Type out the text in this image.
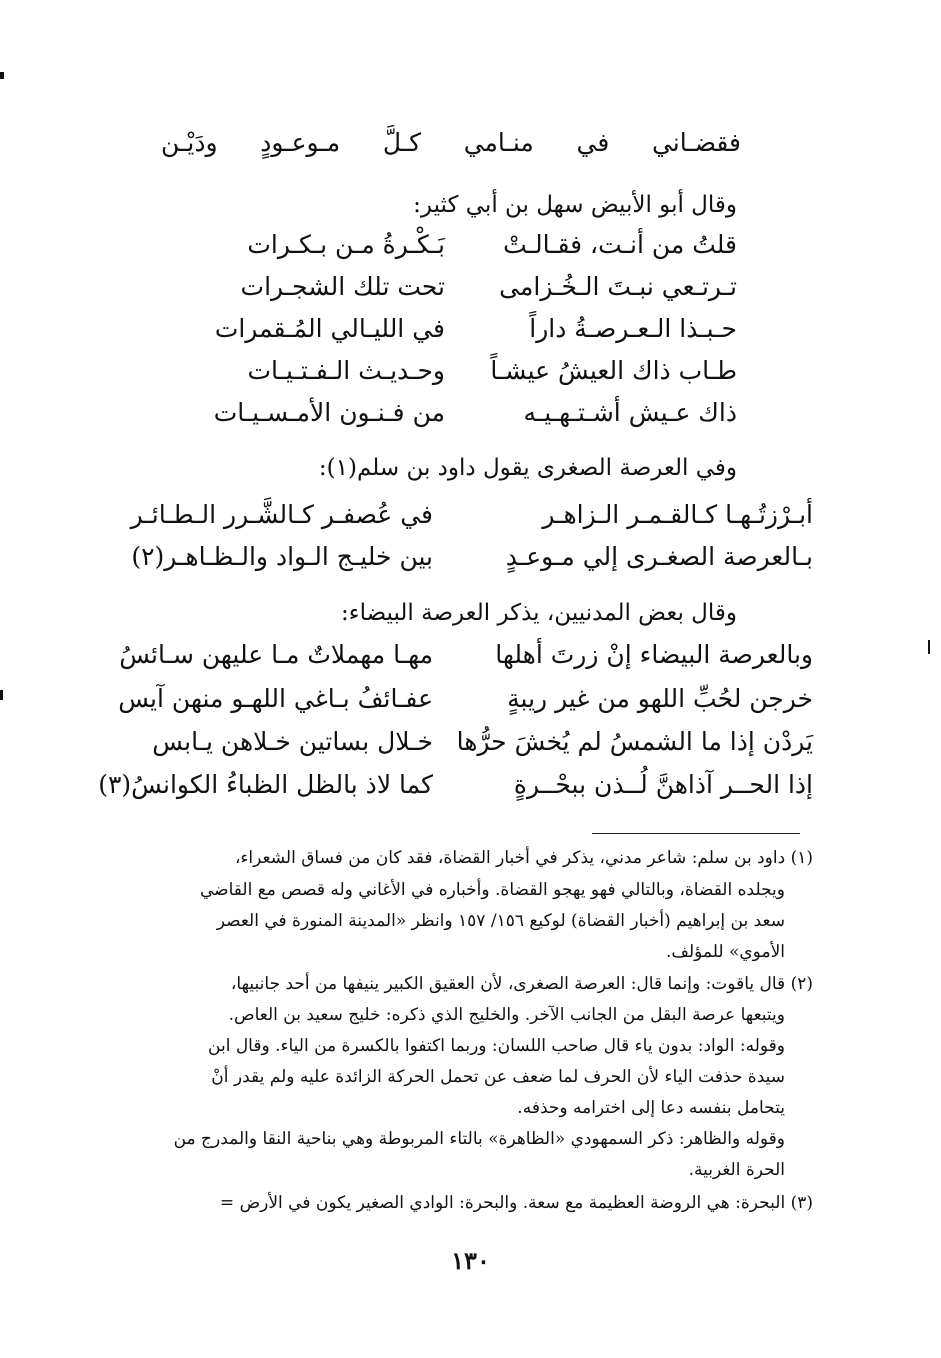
فقضـاني في منـامي كـلَّ مـوعـودٍ ودَيْـن
وقال أبو الأبيض سهل بن أبي كثير:
قلتُ من أنـت، فقـالـتْ
بَـكْـرةُ مـن بـكـرات
تـرتـعي نبـتَ الـخُـزامى
تحت تلك الشجـرات
حـبـذا الـعـرصـةُ داراً
في الليـالي المُـقمرات
طـاب ذاك العيشُ عيشـاً
وحـديـث الـفـتـيـات
ذاك عـيش أشـتـهـيـه
من فـنـون الأمـسـيـات
وفي العرصة الصغرى يقول داود بن سلم(١):
أبـرْزتُـهـا كـالقـمـر الـزاهـر
في عُصفـر كـالشَّـرر الـطـائـر
بـالعرصة الصغـرى إلي مـوعـدٍ
بين خليـج الـواد والـظـاهـر(٢)
وقال بعض المدنيين، يذكر العرصة البيضاء:
وبالعرصة البيضاء إنْ زرتَ أهلها
مهـا مهملاتٌ مـا عليهن سـائسُ
خرجن لحُبِّ اللهو من غير ريبةٍ
عفـائفُ بـاغي اللهـو منهن آيس
يَردْن إذا ما الشمسُ لم يُخشَ حرُّها
خـلال بساتين خـلاهن يـابس
إذا الحــر آذاهنَّ لُــذن ببحْــرةٍ
كما لاذ بالظل الظباءُ الكوانسُ(٣)
(١) داود بن سلم: شاعر مدني، يذكر في أخبار القضاة، فقد كان من فساق الشعراء،
ويجلده القضاة، وبالتالي فهو يهجو القضاة. وأخباره في الأغاني وله قصص مع القاضي
سعد بن إبراهيم (أخبار القضاة) لوكيع ١٥٦/ ١٥٧ وانظر «المدينة المنورة في العصر
الأموي» للمؤلف.
(٢) قال ياقوت: وإنما قال: العرصة الصغرى، لأن العقيق الكبير ينيفها من أحد جانبيها،
ويتبعها عرصة البقل من الجانب الآخر. والخليج الذي ذكره: خليج سعيد بن العاص.
وقوله: الواد: بدون ياء قال صاحب اللسان: وربما اكتفوا بالكسرة من الياء. وقال ابن
سيدة حذفت الياء لأن الحرف لما ضعف عن تحمل الحركة الزائدة عليه ولم يقدر أنْ
يتحامل بنفسه دعا إلى اخترامه وحذفه.
وقوله والظاهر: ذكر السمهودي «الظاهرة» بالتاء المربوطة وهي بناحية النقا والمدرج من
الحرة الغربية.
(٣) البحرة: هي الروضة العظيمة مع سعة. والبحرة: الوادي الصغير يكون في الأرض =
١٣٠
